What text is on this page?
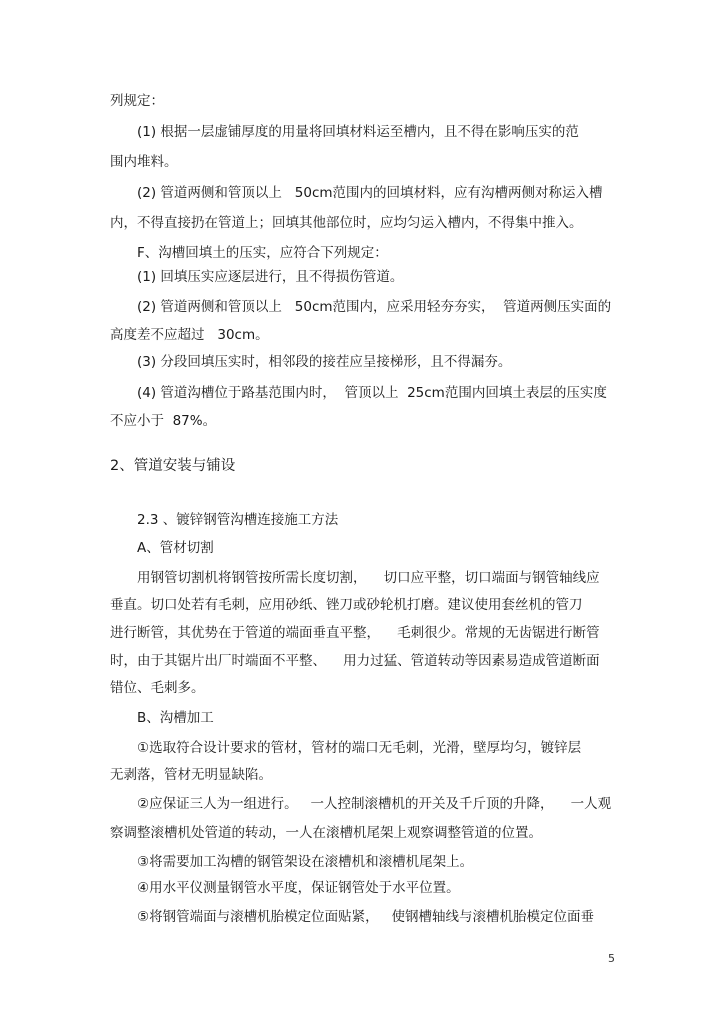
列规定：
(1) 根据一层虚铺厚度的用量将回填材料运至槽内，且不得在影响压实的范
围内堆料。
(2) 管道两侧和管顶以上   50cm范围内的回填材料，应有沟槽两侧对称运入槽
内，不得直接扔在管道上；回填其他部位时，应均匀运入槽内，不得集中推入。
F、沟槽回填土的压实，应符合下列规定：
(1) 回填压实应逐层进行，且不得损伤管道。
(2) 管道两侧和管顶以上   50cm范围内，应采用轻夯夯实，  管道两侧压实面的
高度差不应超过   30cm。
(3) 分段回填压实时，相邻段的接茬应呈接梯形，且不得漏夯。
(4) 管道沟槽位于路基范围内时，  管顶以上  25cm范围内回填土表层的压实度
不应小于  87%。
2、管道安装与铺设
2.3 、镀锌钢管沟槽连接施工方法
A、管材切割
用钢管切割机将钢管按所需长度切割，    切口应平整，切口端面与钢管轴线应
垂直。切口处若有毛刺，应用砂纸、锉刀或砂轮机打磨。建议使用套丝机的管刀
进行断管，其优势在于管道的端面垂直平整，    毛刺很少。常规的无齿锯进行断管
时，由于其锯片出厂时端面不平整、    用力过猛、管道转动等因素易造成管道断面
错位、毛刺多。
B、沟槽加工
①选取符合设计要求的管材，管材的端口无毛刺，光滑，壁厚均匀，镀锌层
无剥落，管材无明显缺陷。
②应保证三人为一组进行。   一人控制滚槽机的开关及千斤顶的升降，    一人观
察调整滚槽机处管道的转动，一人在滚槽机尾架上观察调整管道的位置。
③将需要加工沟槽的钢管架设在滚槽机和滚槽机尾架上。
④用水平仪测量钢管水平度，保证钢管处于水平位置。
⑤将钢管端面与滚槽机胎模定位面贴紧，   使钢槽轴线与滚槽机胎模定位面垂
5
